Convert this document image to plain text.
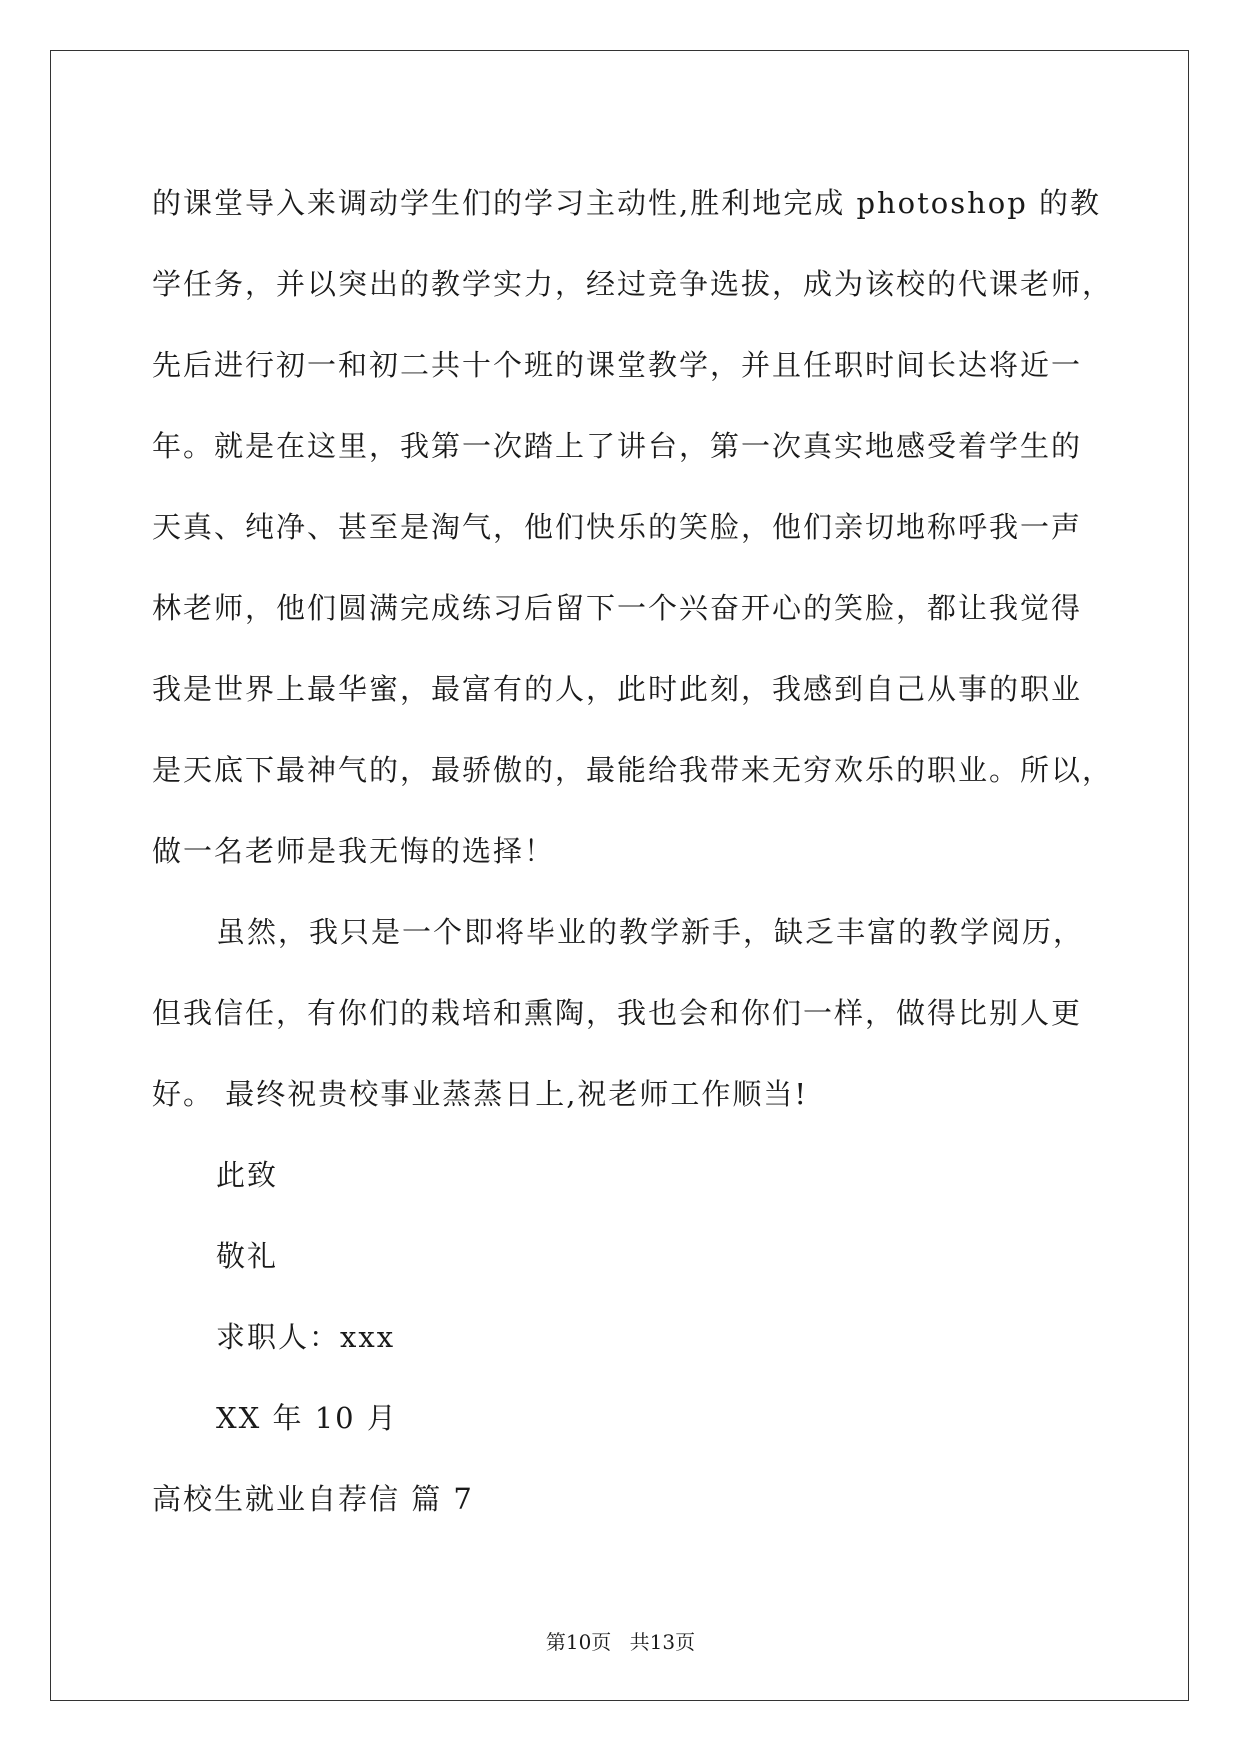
的课堂导入来调动学生们的学习主动性,胜利地完成 photoshop 的教
学任务，并以突出的教学实力，经过竞争选拔，成为该校的代课老师，
先后进行初一和初二共十个班的课堂教学，并且任职时间长达将近一
年。就是在这里，我第一次踏上了讲台，第一次真实地感受着学生的
天真、纯净、甚至是淘气，他们快乐的笑脸，他们亲切地称呼我一声
林老师，他们圆满完成练习后留下一个兴奋开心的笑脸，都让我觉得
我是世界上最华蜜，最富有的人，此时此刻，我感到自己从事的职业
是天底下最神气的，最骄傲的，最能给我带来无穷欢乐的职业。所以，
做一名老师是我无悔的选择！
虽然，我只是一个即将毕业的教学新手，缺乏丰富的教学阅历，
但我信任，有你们的栽培和熏陶，我也会和你们一样，做得比别人更
好。 最终祝贵校事业蒸蒸日上,祝老师工作顺当!
此致
敬礼
求职人：xxx
XX 年 10 月
高校生就业自荐信 篇 7
第10页 共13页
